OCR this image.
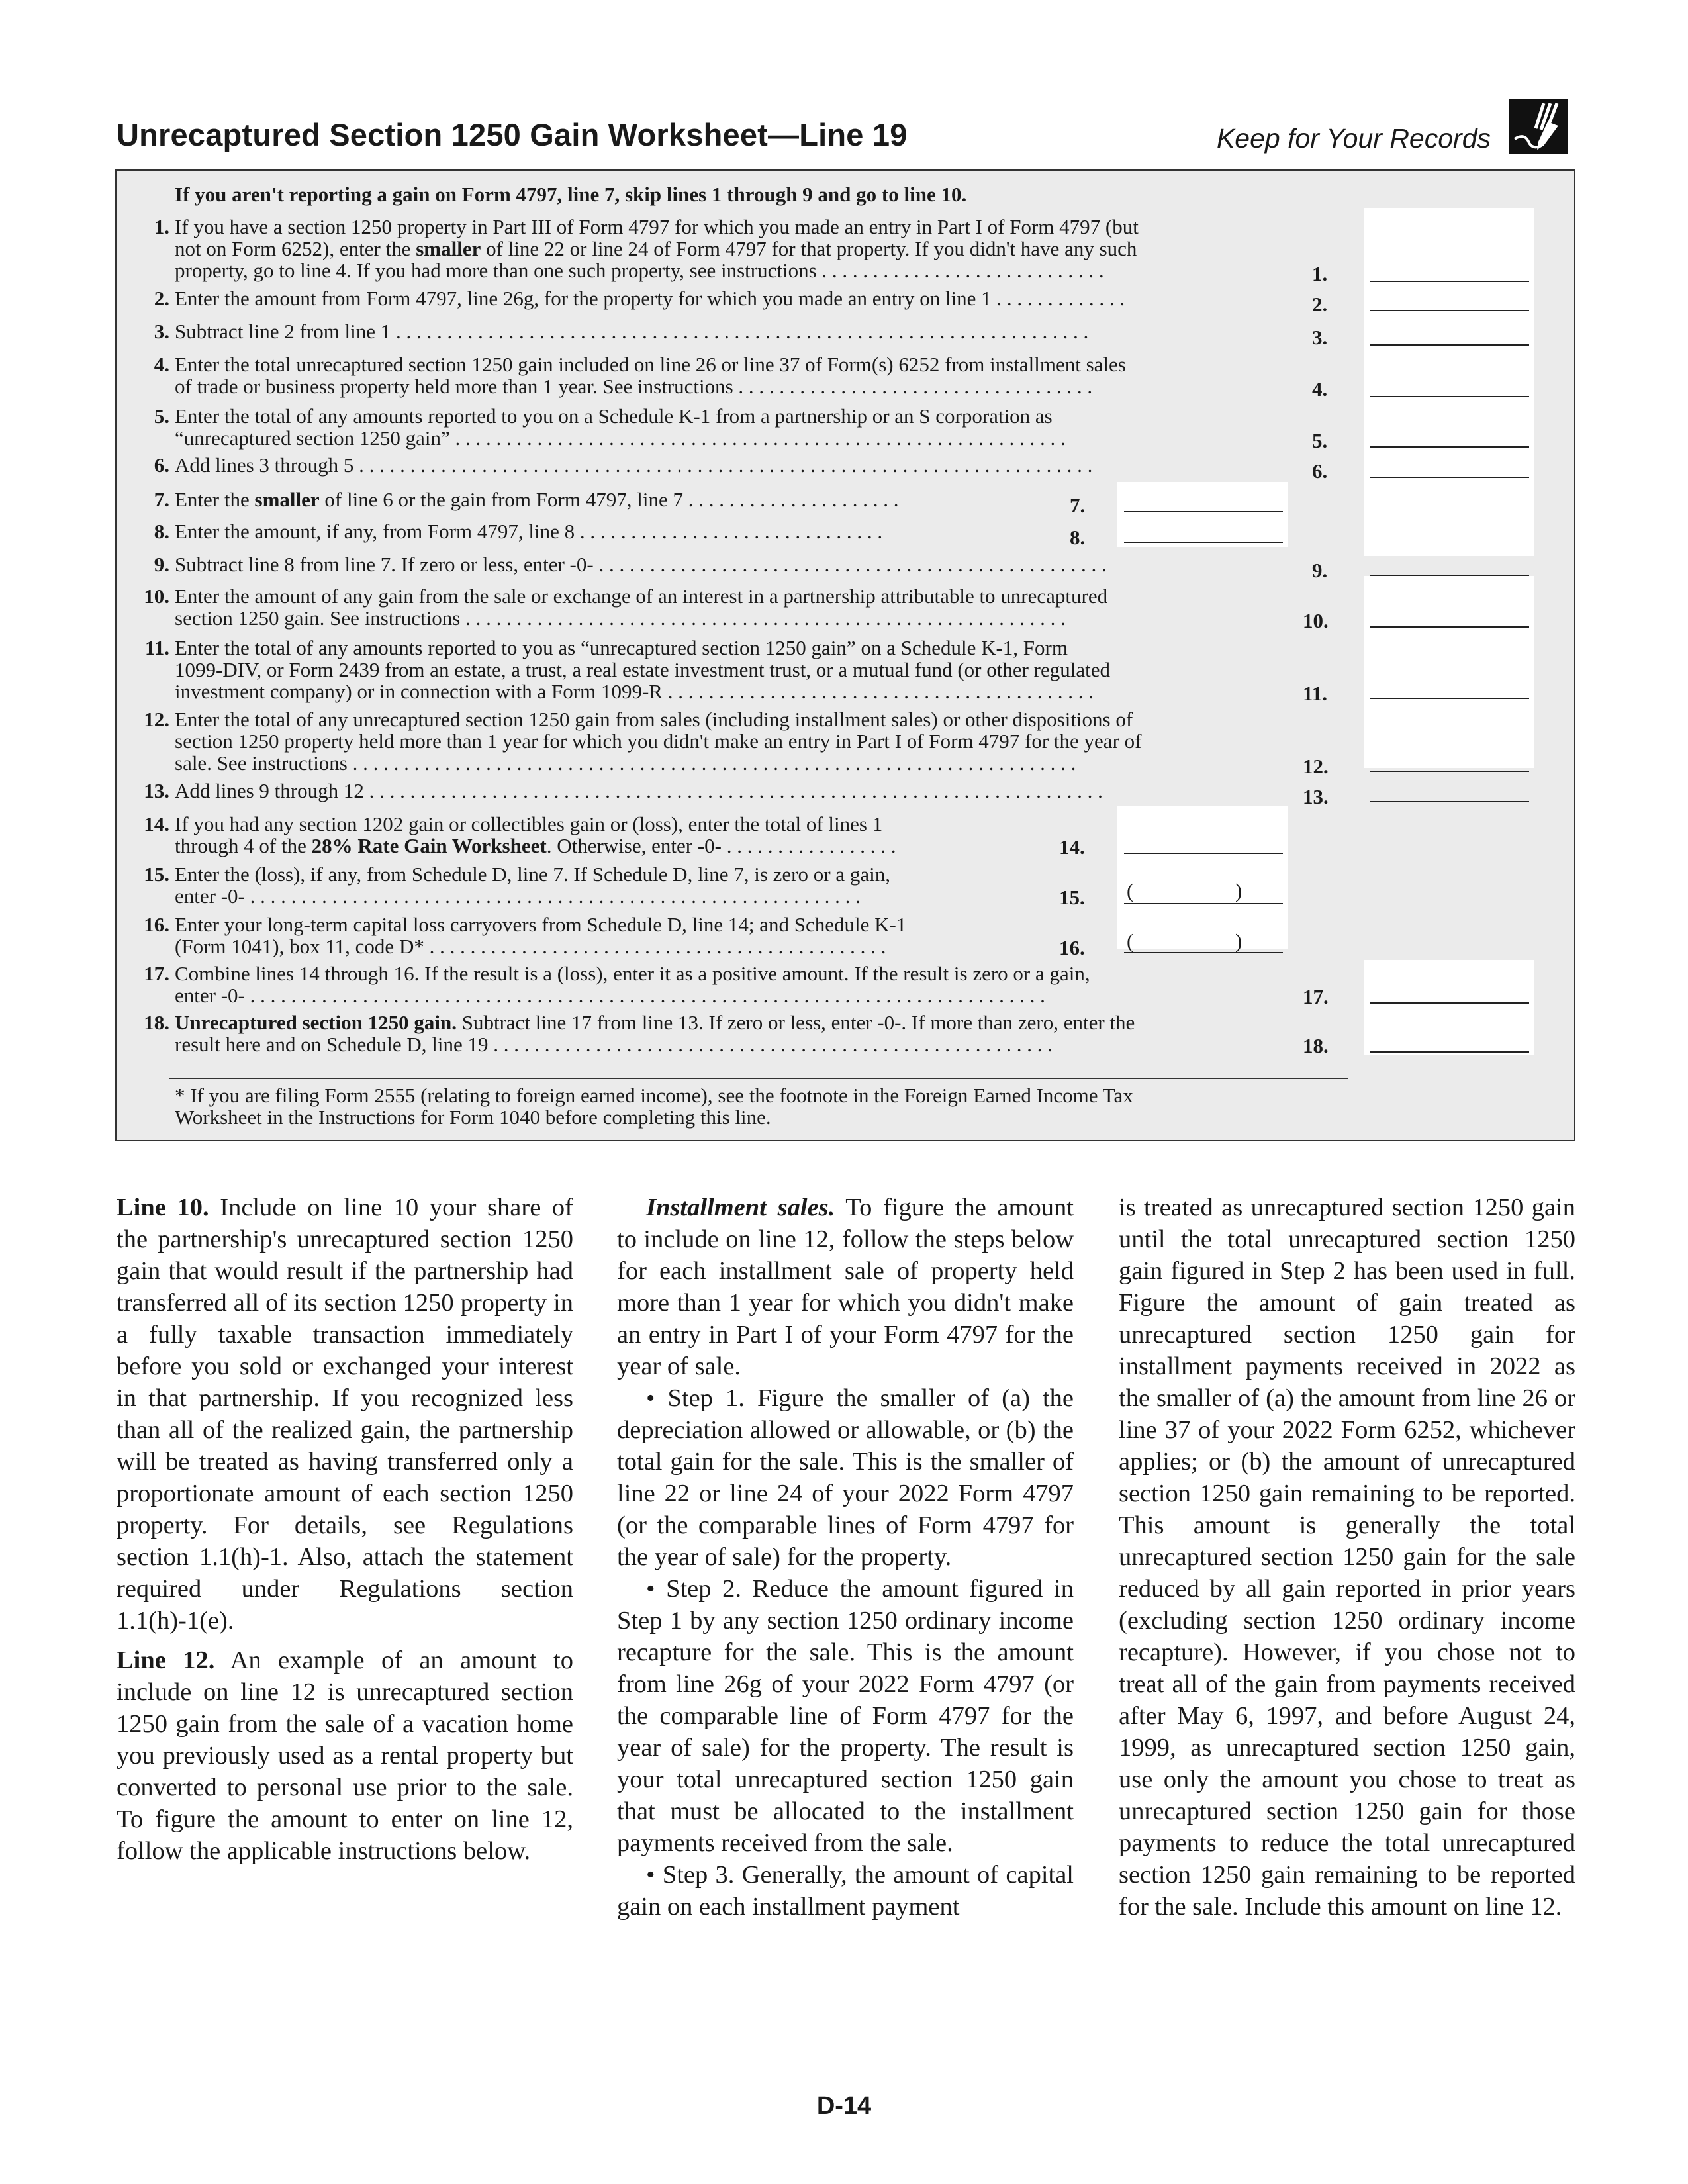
Unrecaptured Section 1250 Gain Worksheet—Line 19	Keep for Your Records
If you aren't reporting a gain on Form 4797, line 7, skip lines 1 through 9 and go to line 10.
1. If you have a section 1250 property in Part III of Form 4797 for which you made an entry in Part I of Form 4797 (but
not on Form 6252), enter the smaller of line 22 or line 24 of Form 4797 for that property. If you didn't have any such
property, go to line 4. If you had more than one such property, see instructions . . . . . . . . . . . . . . . . . . . . . . . . . . . .	1.
2. Enter the amount from Form 4797, line 26g, for the property for which you made an entry on line 1 . . . . . . . . . . . . .	2.
3. Subtract line 2 from line 1 . . . . . . . . . . . . . . . . . . . . . . . . . . . . . . . . . . . . . . . . . . . . . . . . . . . . . . . . . . . . . . . . . . . .	3.
4. Enter the total unrecaptured section 1250 gain included on line 26 or line 37 of Form(s) 6252 from installment sales
of trade or business property held more than 1 year. See instructions . . . . . . . . . . . . . . . . . . . . . . . . . . . . . . . . . . .	4.
5. Enter the total of any amounts reported to you on a Schedule K-1 from a partnership or an S corporation as
“unrecaptured section 1250 gain” . . . . . . . . . . . . . . . . . . . . . . . . . . . . . . . . . . . . . . . . . . . . . . . . . . . . . . . . . . . .	5.
6. Add lines 3 through 5 . . . . . . . . . . . . . . . . . . . . . . . . . . . . . . . . . . . . . . . . . . . . . . . . . . . . . . . . . . . . . . . . . . . . . . . .	6.
7. Enter the smaller of line 6 or the gain from Form 4797, line 7 . . . . . . . . . . . . . . . . . . . . .	7.
8. Enter the amount, if any, from Form 4797, line 8 . . . . . . . . . . . . . . . . . . . . . . . . . . . . . .	8.
9. Subtract line 8 from line 7. If zero or less, enter -0- . . . . . . . . . . . . . . . . . . . . . . . . . . . . . . . . . . . . . . . . . . . . . . . . . .	9.
10. Enter the amount of any gain from the sale or exchange of an interest in a partnership attributable to unrecaptured
section 1250 gain. See instructions . . . . . . . . . . . . . . . . . . . . . . . . . . . . . . . . . . . . . . . . . . . . . . . . . . . . . . . . . . .	10.
11. Enter the total of any amounts reported to you as “unrecaptured section 1250 gain” on a Schedule K-1, Form
1099-DIV, or Form 2439 from an estate, a trust, a real estate investment trust, or a mutual fund (or other regulated
investment company) or in connection with a Form 1099-R . . . . . . . . . . . . . . . . . . . . . . . . . . . . . . . . . . . . . . . . . .	11.
12. Enter the total of any unrecaptured section 1250 gain from sales (including installment sales) or other dispositions of
section 1250 property held more than 1 year for which you didn't make an entry in Part I of Form 4797 for the year of
sale. See instructions . . . . . . . . . . . . . . . . . . . . . . . . . . . . . . . . . . . . . . . . . . . . . . . . . . . . . . . . . . . . . . . . . . . . . . .	12.
13. Add lines 9 through 12 . . . . . . . . . . . . . . . . . . . . . . . . . . . . . . . . . . . . . . . . . . . . . . . . . . . . . . . . . . . . . . . . . . . . . . . .	13.
14. If you had any section 1202 gain or collectibles gain or (loss), enter the total of lines 1
through 4 of the 28% Rate Gain Worksheet. Otherwise, enter -0- . . . . . . . . . . . . . . . . .	14.
15. Enter the (loss), if any, from Schedule D, line 7. If Schedule D, line 7, is zero or a gain,
enter -0- . . . . . . . . . . . . . . . . . . . . . . . . . . . . . . . . . . . . . . . . . . . . . . . . . . . . . . . . . . . .	15. (	)
16. Enter your long-term capital loss carryovers from Schedule D, line 14; and Schedule K-1
(Form 1041), box 11, code D* . . . . . . . . . . . . . . . . . . . . . . . . . . . . . . . . . . . . . . . . . . . . .	16. (	)
17. Combine lines 14 through 16. If the result is a (loss), enter it as a positive amount. If the result is zero or a gain,
enter -0- . . . . . . . . . . . . . . . . . . . . . . . . . . . . . . . . . . . . . . . . . . . . . . . . . . . . . . . . . . . . . . . . . . . . . . . . . . . . . .	17.
18. Unrecaptured section 1250 gain. Subtract line 17 from line 13. If zero or less, enter -0-. If more than zero, enter the
result here and on Schedule D, line 19 . . . . . . . . . . . . . . . . . . . . . . . . . . . . . . . . . . . . . . . . . . . . . . . . . . . . . . .	18.
* If you are filing Form 2555 (relating to foreign earned income), see the footnote in the Foreign Earned Income Tax
Worksheet in the Instructions for Form 1040 before completing this line.

Line 10. Include on line 10 your share of the partnership's unrecaptured section 1250 gain that would result if the partnership had transferred all of its section 1250 property in a fully taxable transaction immediately before you sold or exchanged your interest in that partnership. If you recognized less than all of the realized gain, the partnership will be treated as having transferred only a proportionate amount of each section 1250 property. For details, see Regulations section 1.1(h)-1. Also, attach the statement required under Regulations section 1.1(h)-1(e).

Line 12. An example of an amount to include on line 12 is unrecaptured section 1250 gain from the sale of a vacation home you previously used as a rental property but converted to personal use prior to the sale. To figure the amount to enter on line 12, follow the applicable instructions below.

Installment sales. To figure the amount to include on line 12, follow the steps below for each installment sale of property held more than 1 year for which you didn't make an entry in Part I of your Form 4797 for the year of sale.

• Step 1. Figure the smaller of (a) the depreciation allowed or allowable, or (b) the total gain for the sale. This is the smaller of line 22 or line 24 of your 2022 Form 4797 (or the comparable lines of Form 4797 for the year of sale) for the property.

• Step 2. Reduce the amount figured in Step 1 by any section 1250 ordinary income recapture for the sale. This is the amount from line 26g of your 2022 Form 4797 (or the comparable line of Form 4797 for the year of sale) for the property. The result is your total unrecaptured section 1250 gain that must be allocated to the installment payments received from the sale.

• Step 3. Generally, the amount of capital gain on each installment payment

is treated as unrecaptured section 1250 gain until the total unrecaptured section 1250 gain figured in Step 2 has been used in full. Figure the amount of gain treated as unrecaptured section 1250 gain for installment payments received in 2022 as the smaller of (a) the amount from line 26 or line 37 of your 2022 Form 6252, whichever applies; or (b) the amount of unrecaptured section 1250 gain remaining to be reported. This amount is generally the total unrecaptured section 1250 gain for the sale reduced by all gain reported in prior years (excluding section 1250 ordinary income recapture). However, if you chose not to treat all of the gain from payments received after May 6, 1997, and before August 24, 1999, as unrecaptured section 1250 gain, use only the amount you chose to treat as unrecaptured section 1250 gain for those payments to reduce the total unrecaptured section 1250 gain remaining to be reported for the sale. Include this amount on line 12.

D-14
